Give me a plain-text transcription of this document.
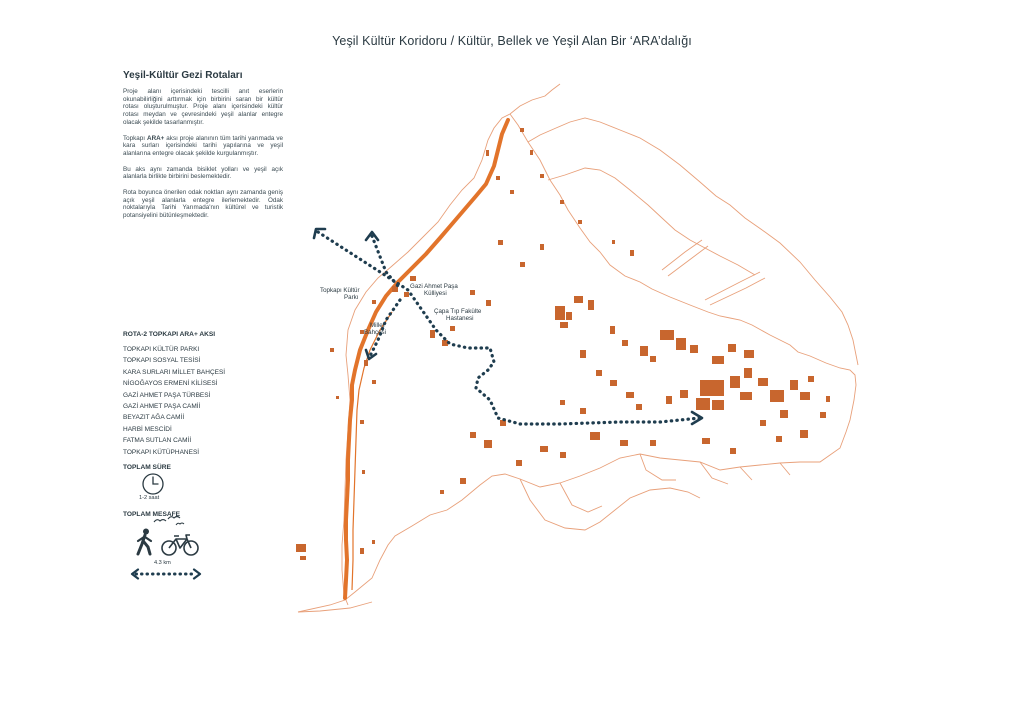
Yeşil Kültür Koridoru / Kültür, Bellek ve Yeşil Alan Bir ‘ARA’dalığı
Yeşil-Kültür Gezi Rotaları

Proje alanı içerisindeki tescilli anıt eserlerin okunabilirliğini arttırmak için birbirini saran bir kültür rotası oluşturulmuştur. Proje alanı içerisindeki kültür rotası meydan ve çevresindeki yeşil alanlar entegre olacak şekilde tasarlanmıştır.

Topkapı ARA+ aksı proje alanının tüm tarihi yarımada ve kara surları içerisindeki tarihi yapılarına ve yeşil alanlarına entegre olacak şekilde kurgulanmıştır.

Bu aks aynı zamanda bisiklet yolları ve yeşil açık alanlarla birlikte birbirini beslemektedir.

Rota boyunca önerilen odak noktları aynı zamanda geniş açık yeşil alanlarla entegre ilerlemektedir. Odak noktalarıyla Tarihi Yarımada'nın kültürel ve turistik potansiyelini bütünleşmektedir.

ROTA-2 TOPKAPI ARA+ AKSI
TOPKAPI KÜLTÜR PARKI
TOPKAPI SOSYAL TESİSİ
KARA SURLARI MİLLET BAHÇESİ
NİGOĞAYOS ERMENİ KİLİSESİ
GAZİ AHMET PAŞA TÜRBESİ
GAZİ AHMET PAŞA CAMİİ
BEYAZIT AĞA CAMİİ
HARBİ MESCİDİ
FATMA SUTLAN CAMİİ
TOPKAPI KÜTÜPHANESİ
TOPLAM SÜRE
1-2 saat
TOPLAM MESAFE
4.3 km
Topkapı Kültür
Parkı
Gazi Ahmet Paşa
Külliyesi
Millet
Bahçesi
Çapa Tıp Fakülte
Hastanesi
